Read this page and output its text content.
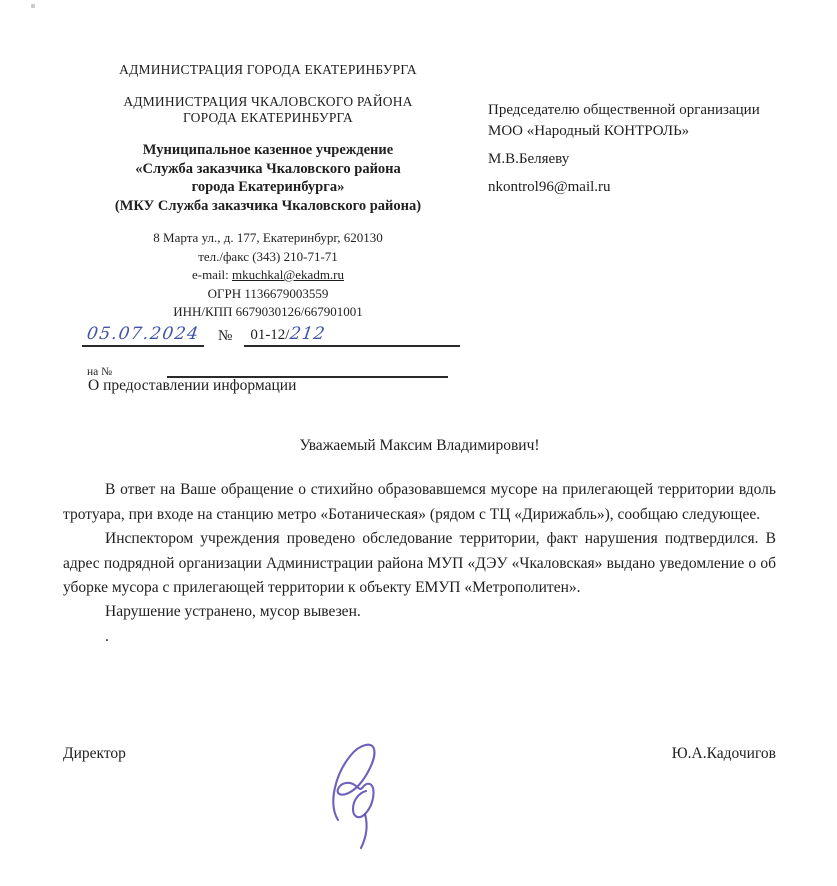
АДМИНИСТРАЦИЯ ГОРОДА ЕКАТЕРИНБУРГА
АДМИНИСТРАЦИЯ ЧКАЛОВСКОГО РАЙОНА
ГОРОДА ЕКАТЕРИНБУРГА
Муниципальное казенное учреждение
«Служба заказчика Чкаловского района
города Екатеринбурга»
(МКУ Служба заказчика Чкаловского района)
8 Марта ул., д. 177, Екатеринбург, 620130
тел./факс (343) 210-71-71
e-mail: mkuchkal@ekadm.ru
ОГРН 1136679003559
ИНН/КПП 6679030126/667901001
Председателю общественной организации
МОО «Народный КОНТРОЛЬ»
М.В.Беляеву
nkontrol96@mail.ru
05.07.2024 № 01-12/ 212
на №
О предоставлении информации
Уважаемый Максим Владимирович!

В ответ на Ваше обращение о стихийно образовавшемся мусоре на прилегающей территории вдоль тротуара, при входе на станцию метро «Ботаническая» (рядом с ТЦ «Дирижабль»), сообщаю следующее.

Инспектором учреждения проведено обследование территории, факт нарушения подтвердился. В адрес подрядной организации Администрации района МУП «ДЭУ «Чкаловская» выдано уведомление о об уборке мусора с прилегающей территории к объекту ЕМУП «Метрополитен».

Нарушение устранено, мусор вывезен.

.

Директор	Ю.А.Кадочигов
